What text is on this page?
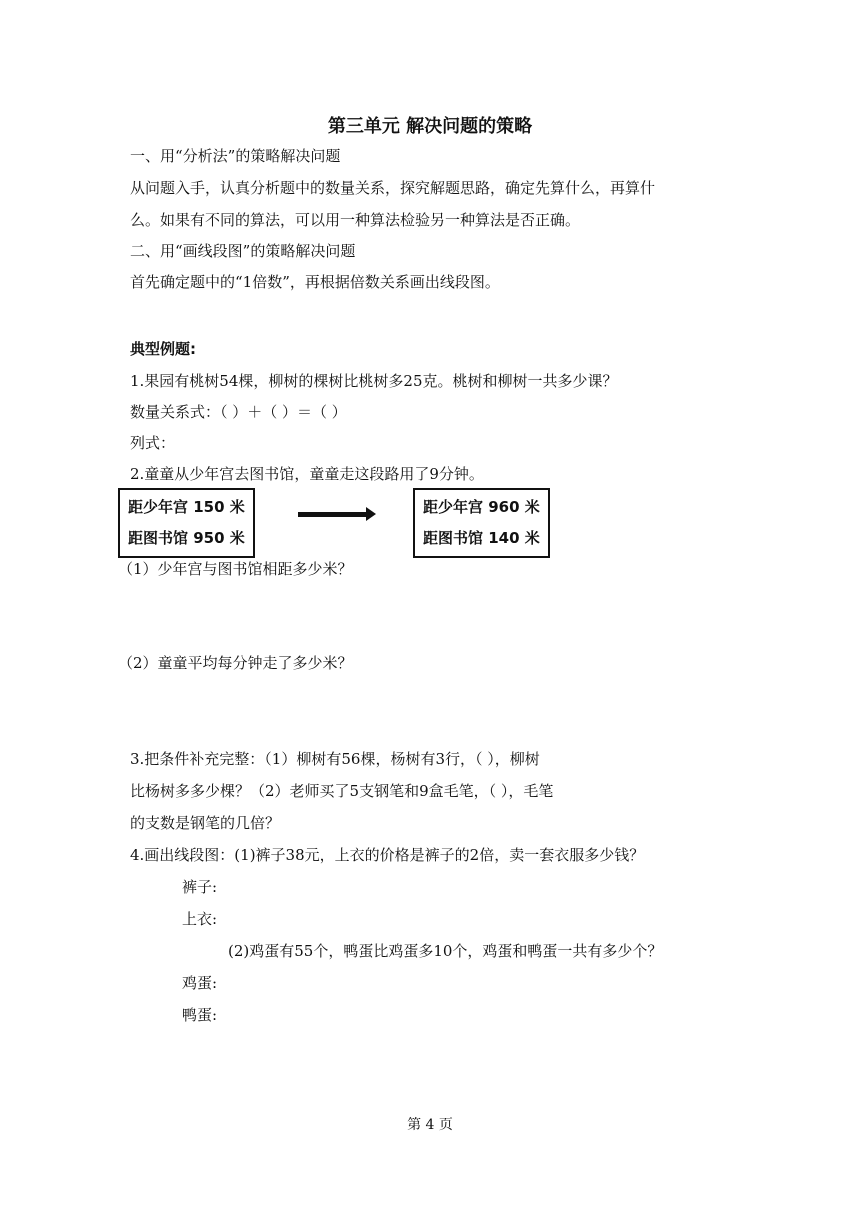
第三单元 解决问题的策略
一、用“分析法”的策略解决问题
从问题入手，认真分析题中的数量关系，探究解题思路，确定先算什么，再算什
么。如果有不同的算法，可以用一种算法检验另一种算法是否正确。
二、用“画线段图”的策略解决问题
首先确定题中的“1倍数”，再根据倍数关系画出线段图。
典型例题:
1.果园有桃树54棵，柳树的棵树比桃树多25克。桃树和柳树一共多少课？
数量关系式：（ ）＋（ ）＝（ ）
列式：
2.童童从少年宫去图书馆，童童走这段路用了9分钟。
距少年宫 150 米
距图书馆 950 米
距少年宫 960 米
距图书馆 140 米
（1）少年宫与图书馆相距多少米？
（2）童童平均每分钟走了多少米？
3.把条件补充完整：（1）柳树有56棵，杨树有3行，（ ），柳树
比杨树多多少棵？（2）老师买了5支钢笔和9盒毛笔，（ ），毛笔
的支数是钢笔的几倍？
4.画出线段图：(1)裤子38元，上衣的价格是裤子的2倍，卖一套衣服多少钱？
裤子:
上衣:
(2)鸡蛋有55个，鸭蛋比鸡蛋多10个，鸡蛋和鸭蛋一共有多少个？
鸡蛋:
鸭蛋:
第 4 页
